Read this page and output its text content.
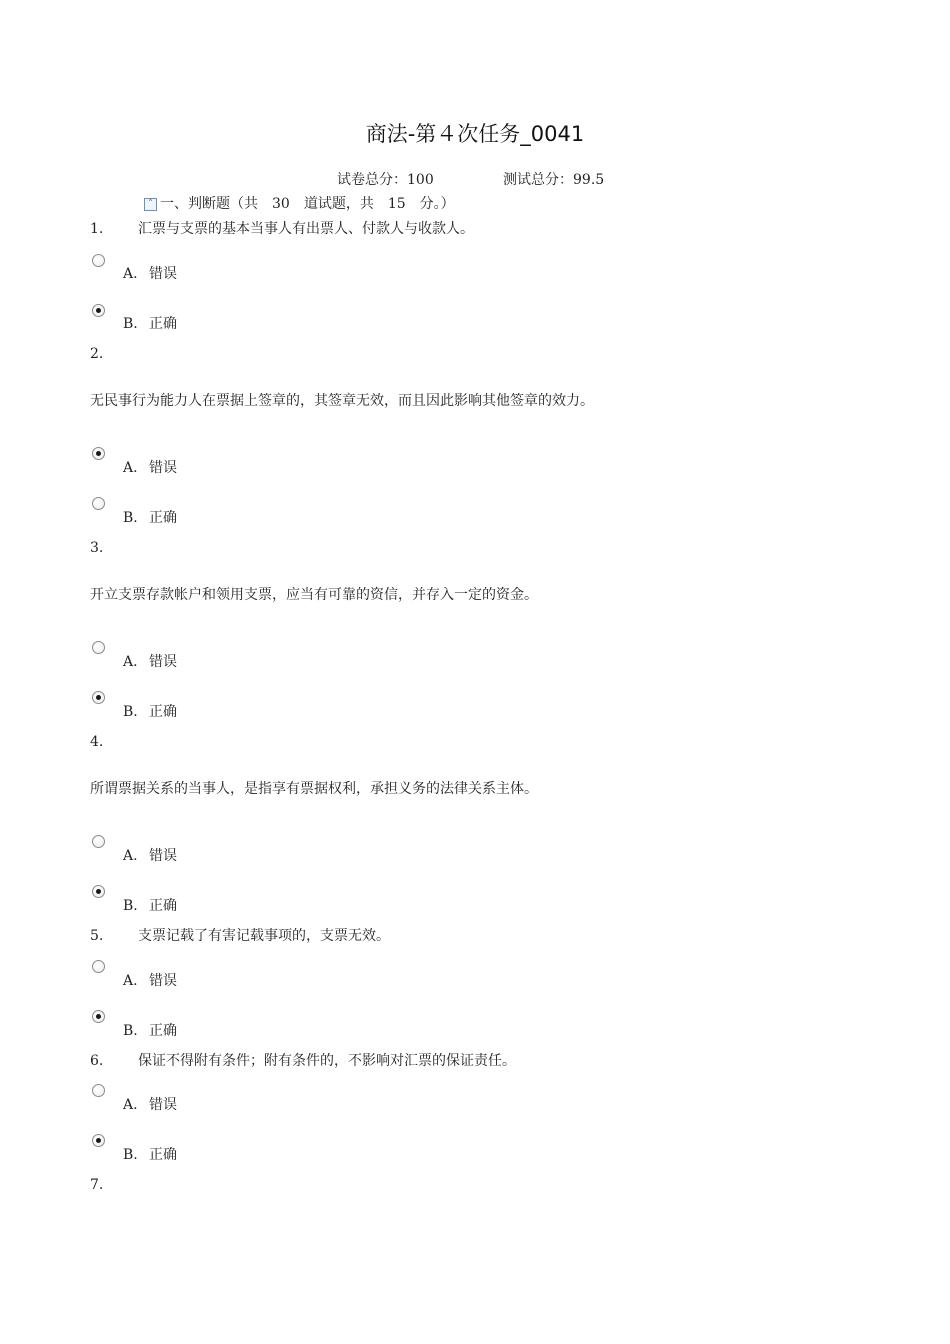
商法-第４次任务_0041
试卷总分：100	测试总分：99.5
˄ 一、判断题（共　30　道试题，共　15　分。）
1. 汇票与支票的基本当事人有出票人、付款人与收款人。
A. 错误
B. 正确
2.
无民事行为能力人在票据上签章的，其签章无效，而且因此影响其他签章的效力。
A. 错误
B. 正确
3.
开立支票存款帐户和领用支票，应当有可靠的资信，并存入一定的资金。
A. 错误
B. 正确
4.
所谓票据关系的当事人，是指享有票据权利，承担义务的法律关系主体。
A. 错误
B. 正确
5. 支票记载了有害记载事项的，支票无效。
A. 错误
B. 正确
6. 保证不得附有条件；附有条件的，不影响对汇票的保证责任。
A. 错误
B. 正确
7.
